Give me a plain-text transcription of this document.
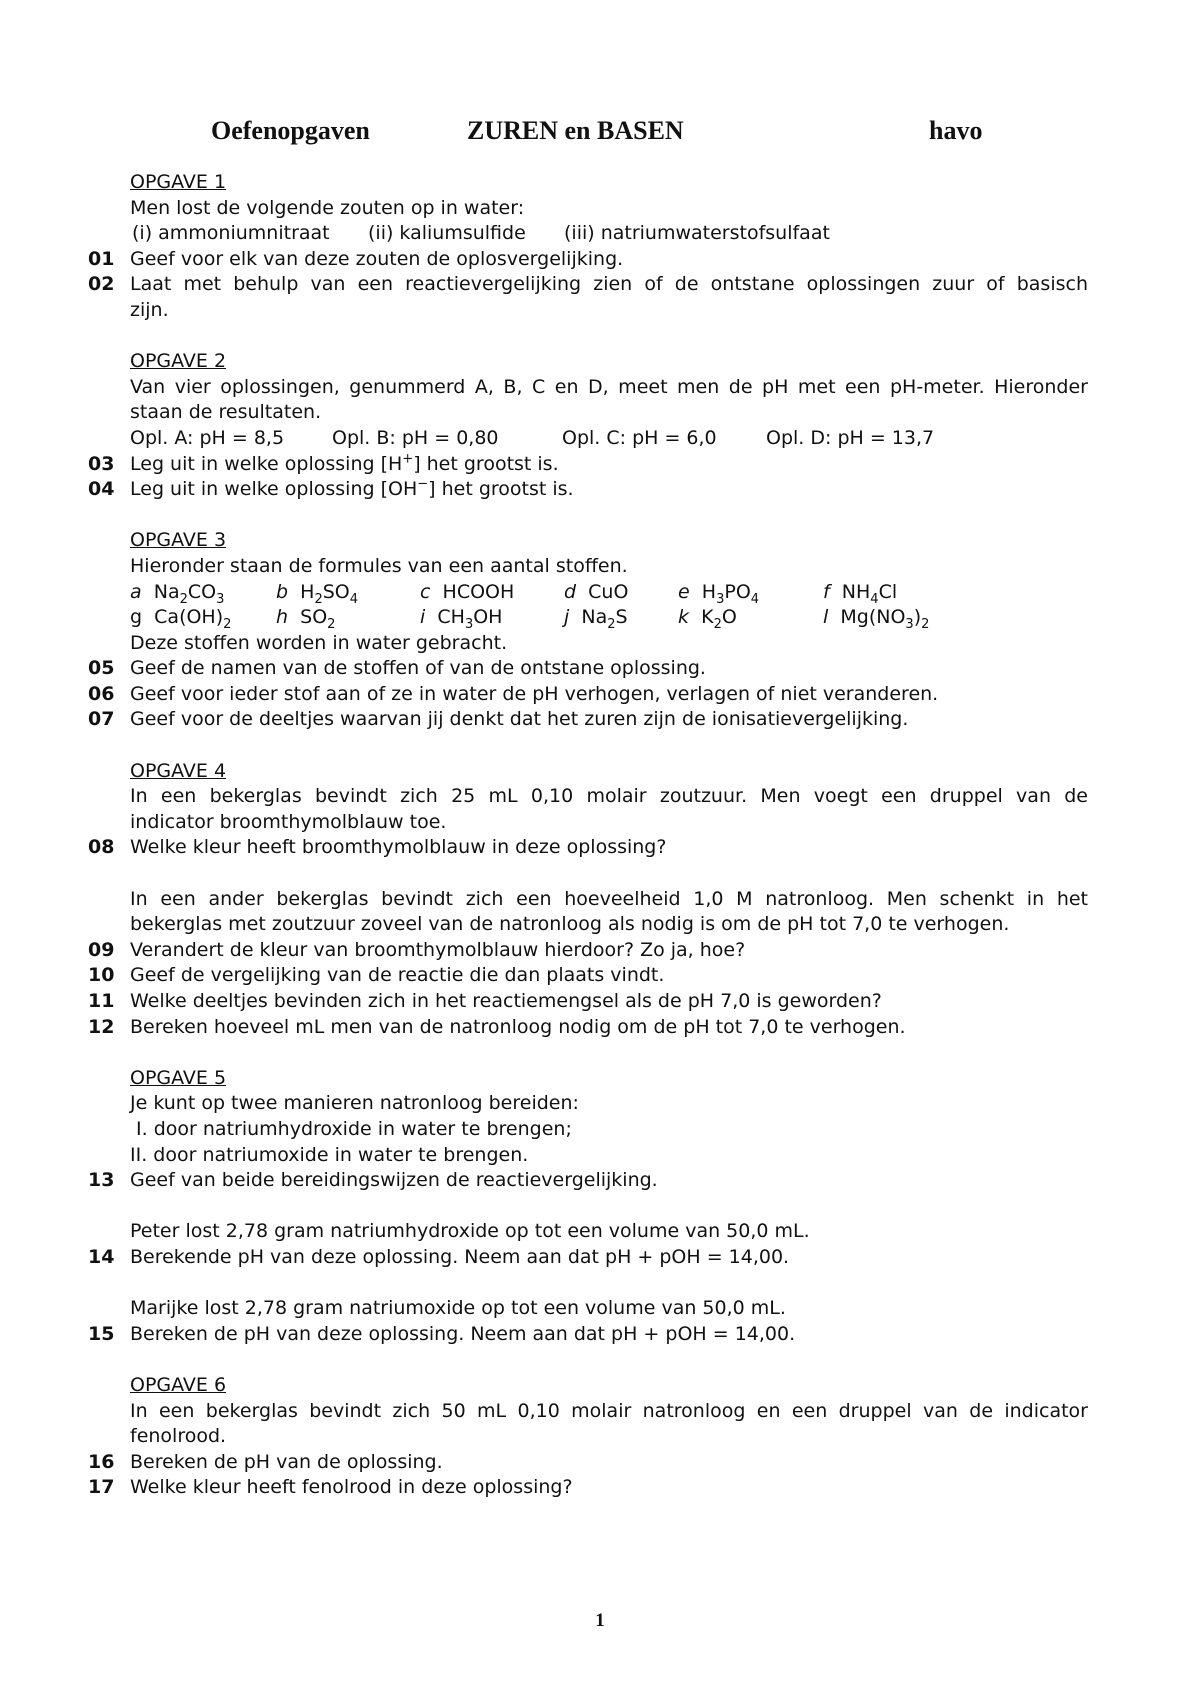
Oefenopgaven	ZUREN en BASEN	havo
OPGAVE 1
Men lost de volgende zouten op in water:
(i) ammoniumnitraat (ii) kaliumsulfide (iii) natriumwaterstofsulfaat
01 Geef voor elk van deze zouten de oplosvergelijking.
02 Laat met behulp van een reactievergelijking zien of de ontstane oplossingen zuur of basisch
zijn.
OPGAVE 2
Van vier oplossingen, genummerd A, B, C en D, meet men de pH met een pH-meter. Hieronder
staan de resultaten.
Opl. A: pH = 8,5	Opl. B: pH = 0,80	Opl. C: pH = 6,0	Opl. D: pH = 13,7
03 Leg uit in welke oplossing [H+] het grootst is.
04 Leg uit in welke oplossing [OH−] het grootst is.
OPGAVE 3
Hieronder staan de formules van een aantal stoffen.
a $Na_2CO_3$	b $H_2SO_4$	c HCOOH	d CuO	e $H_3PO_4$	f $NH_4Cl$
g $Ca(OH)_2$ h $SO_2$	i $CH_3OH$	j $Na_2S$	k $K_2O$	l $Mg(NO_3)_2$
Deze stoffen worden in water gebracht.
05 Geef de namen van de stoffen of van de ontstane oplossing.
06 Geef voor ieder stof aan of ze in water de pH verhogen, verlagen of niet veranderen.
07 Geef voor de deeltjes waarvan jij denkt dat het zuren zijn de ionisatievergelijking.
OPGAVE 4
In een bekerglas bevindt zich 25 mL 0,10 molair zoutzuur. Men voegt een druppel van de
indicator broomthymolblauw toe.
08 Welke kleur heeft broomthymolblauw in deze oplossing?
In een ander bekerglas bevindt zich een hoeveelheid 1,0 M natronloog. Men schenkt in het
bekerglas met zoutzuur zoveel van de natronloog als nodig is om de pH tot 7,0 te verhogen.
09 Verandert de kleur van broomthymolblauw hierdoor? Zo ja, hoe?
10 Geef de vergelijking van de reactie die dan plaats vindt.
11 Welke deeltjes bevinden zich in het reactiemengsel als de pH 7,0 is geworden?
12 Bereken hoeveel mL men van de natronloog nodig om de pH tot 7,0 te verhogen.
OPGAVE 5
Je kunt op twee manieren natronloog bereiden:
I. door natriumhydroxide in water te brengen;
II. door natriumoxide in water te brengen.
13 Geef van beide bereidingswijzen de reactievergelijking.
Peter lost 2,78 gram natriumhydroxide op tot een volume van 50,0 mL.
14 Berekende pH van deze oplossing. Neem aan dat pH + pOH = 14,00.
Marijke lost 2,78 gram natriumoxide op tot een volume van 50,0 mL.
15 Bereken de pH van deze oplossing. Neem aan dat pH + pOH = 14,00.
OPGAVE 6
In een bekerglas bevindt zich 50 mL 0,10 molair natronloog en een druppel van de indicator
fenolrood.
16 Bereken de pH van de oplossing.
17 Welke kleur heeft fenolrood in deze oplossing?
1
